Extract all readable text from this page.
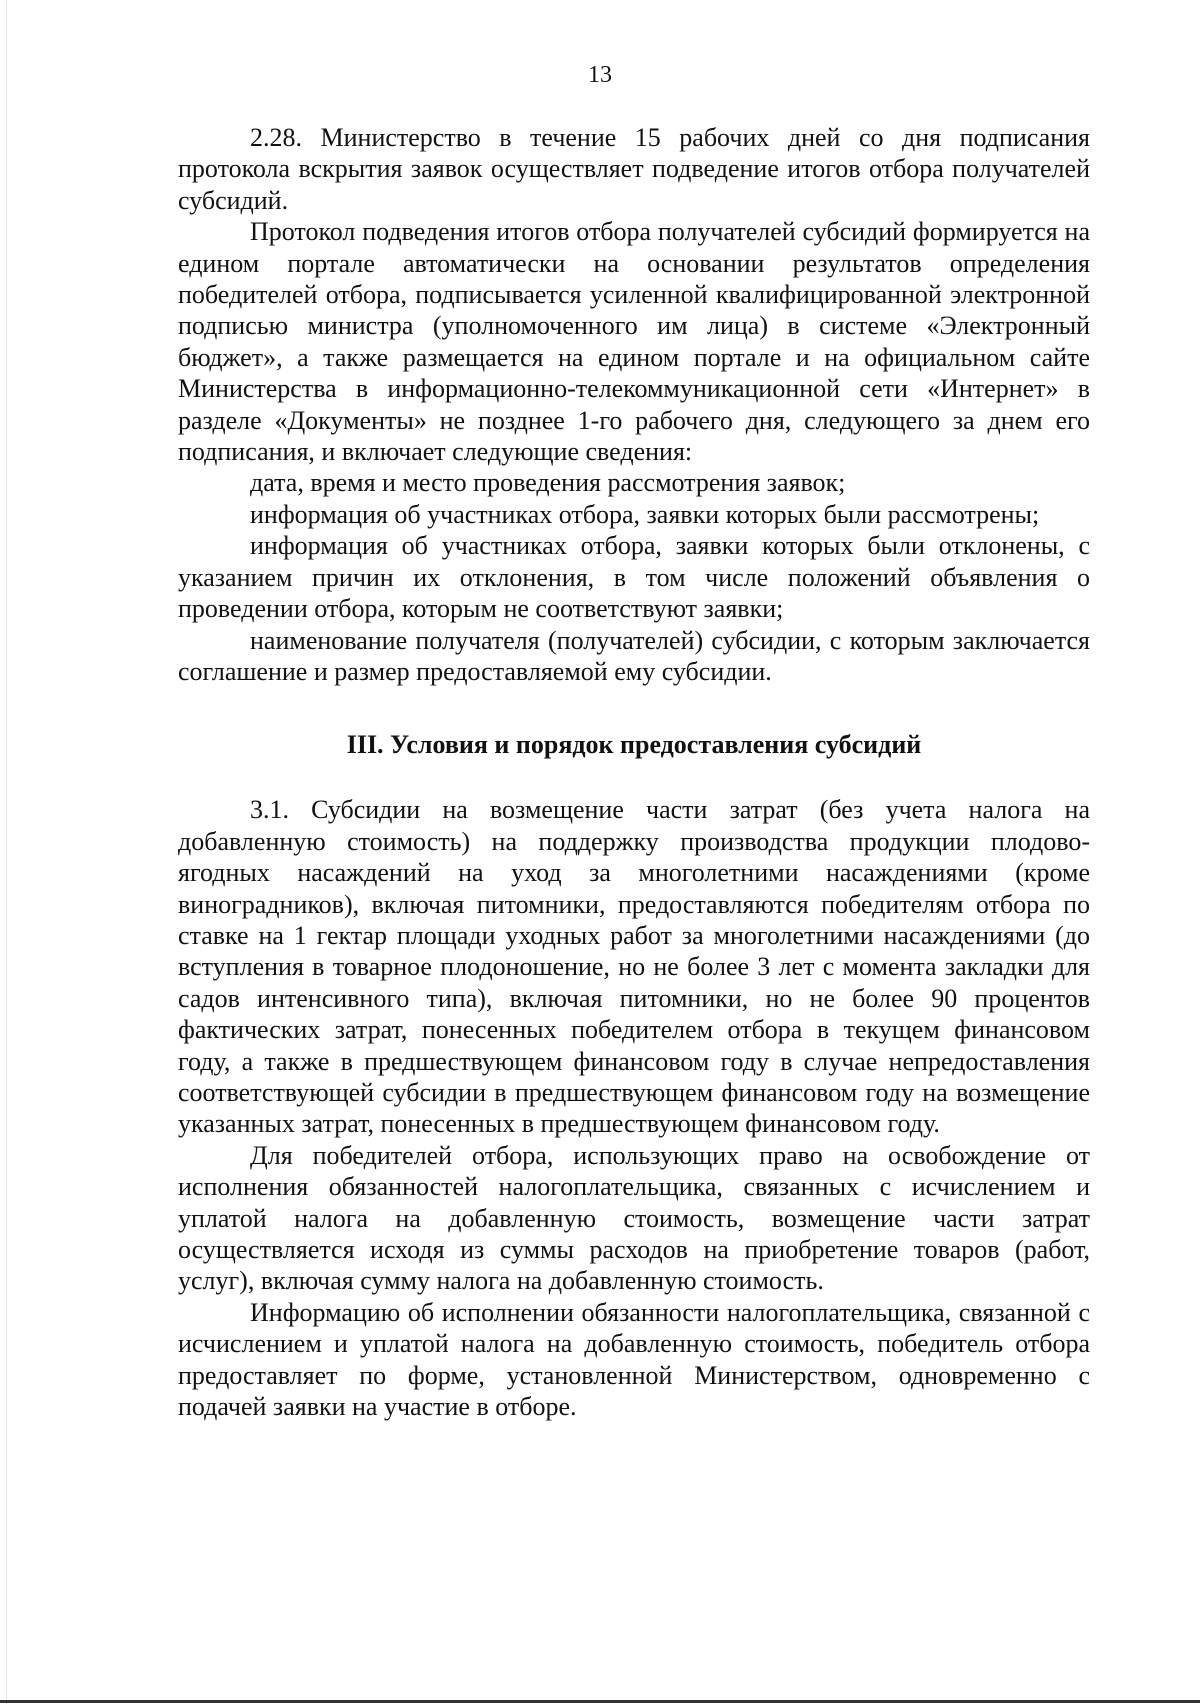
13

2.28. Министерство в течение 15 рабочих дней со дня подписания протокола вскрытия заявок осуществляет подведение итогов отбора получателей субсидий.

Протокол подведения итогов отбора получателей субсидий формируется на едином портале автоматически на основании результатов определения победителей отбора, подписывается усиленной квалифицированной электронной подписью министра (уполномоченного им лица) в системе «Электронный бюджет», а также размещается на едином портале и на официальном сайте Министерства в информационно-телекоммуникационной сети «Интернет» в разделе «Документы» не позднее 1-го рабочего дня, следующего за днем его подписания, и включает следующие сведения:

дата, время и место проведения рассмотрения заявок;

информация об участниках отбора, заявки которых были рассмотрены;

информация об участниках отбора, заявки которых были отклонены, с указанием причин их отклонения, в том числе положений объявления о проведении отбора, которым не соответствуют заявки;

наименование получателя (получателей) субсидии, с которым заключается соглашение и размер предоставляемой ему субсидии.

III. Условия и порядок предоставления субсидий

3.1. Субсидии на возмещение части затрат (без учета налога на добавленную стоимость) на поддержку производства продукции плодово-ягодных насаждений на уход за многолетними насаждениями (кроме виноградников), включая питомники, предоставляются победителям отбора по ставке на 1 гектар площади уходных работ за многолетними насаждениями (до вступления в товарное плодоношение, но не более 3 лет с момента закладки для садов интенсивного типа), включая питомники, но не более 90 процентов фактических затрат, понесенных победителем отбора в текущем финансовом году, а также в предшествующем финансовом году в случае непредоставления соответствующей субсидии в предшествующем финансовом году на возмещение указанных затрат, понесенных в предшествующем финансовом году.

Для победителей отбора, использующих право на освобождение от исполнения обязанностей налогоплательщика, связанных с исчислением и уплатой налога на добавленную стоимость, возмещение части затрат осуществляется исходя из суммы расходов на приобретение товаров (работ, услуг), включая сумму налога на добавленную стоимость.

Информацию об исполнении обязанности налогоплательщика, связанной с исчислением и уплатой налога на добавленную стоимость, победитель отбора предоставляет по форме, установленной Министерством, одновременно с подачей заявки на участие в отборе.
